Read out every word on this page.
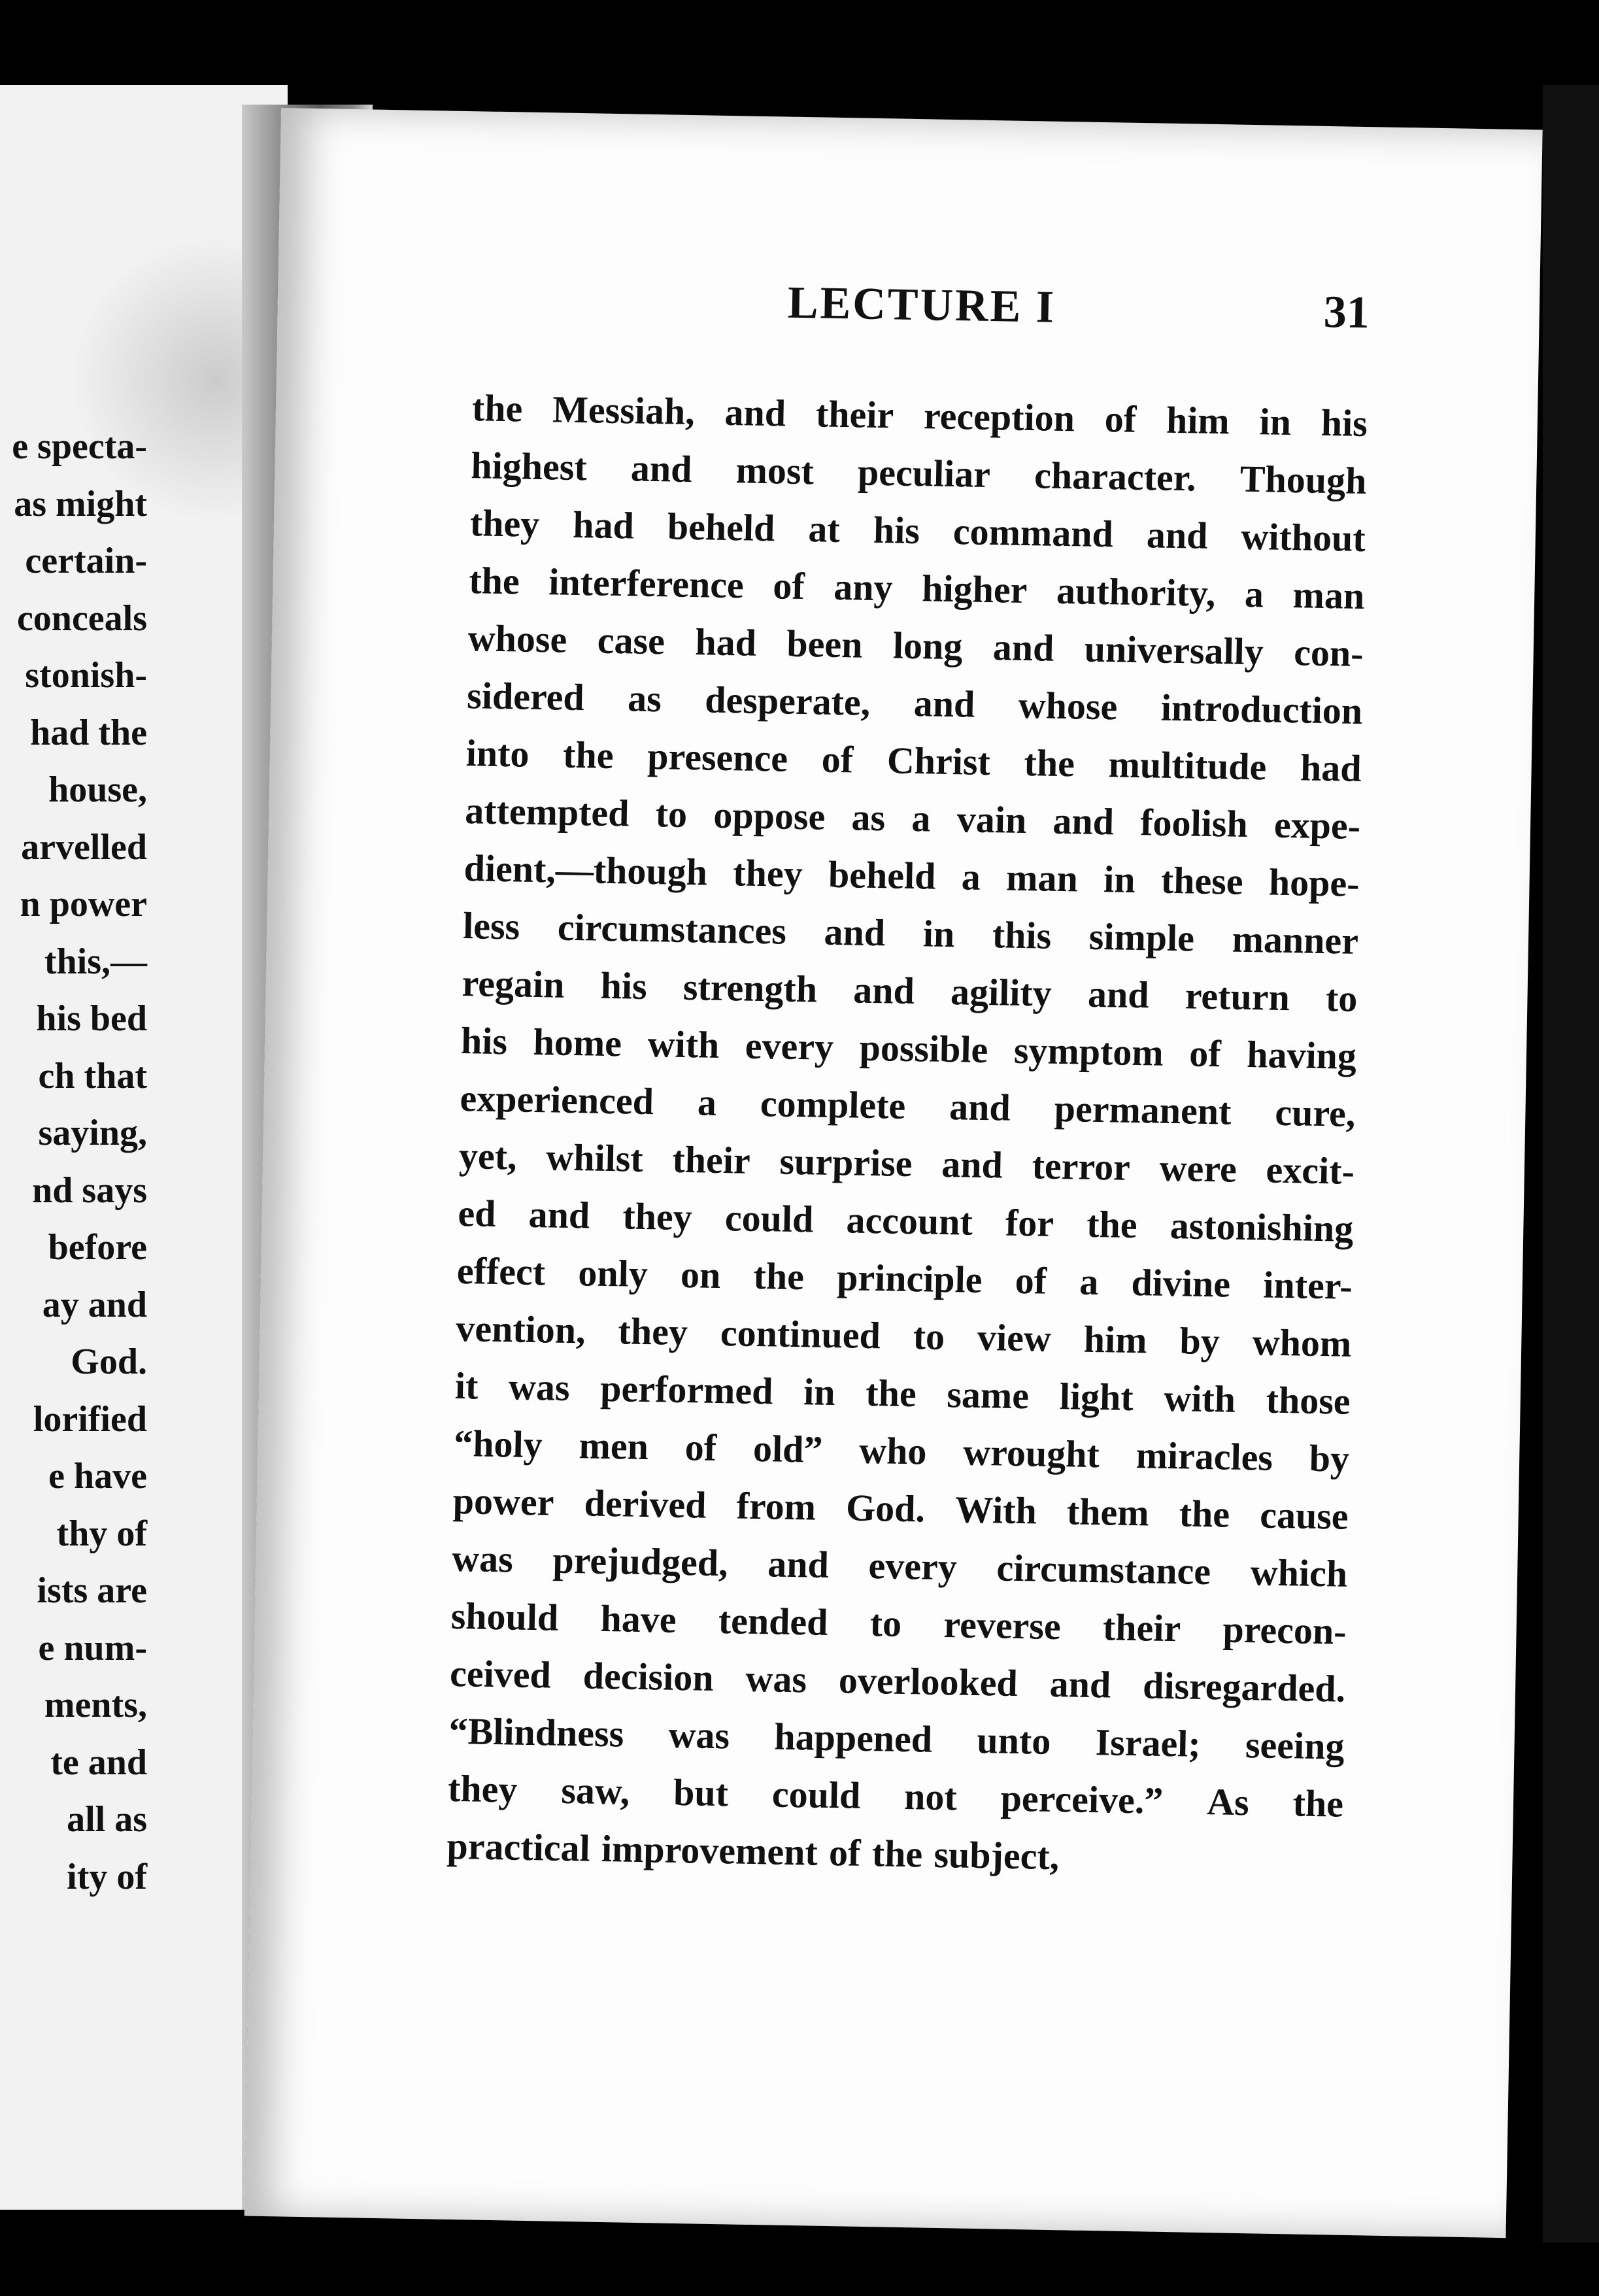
e specta-
as might
certain-
conceals
stonish-
had the
house,
arvelled
n power
this,—
his bed
ch that
saying,
nd says
before
ay and
God.
lorified
e have
thy of
ists are
e num-
ments,
te and
all as
ity of
LECTURE I	31
the Messiah, and their reception of him in his
highest and most peculiar character. Though
they had beheld at his command and without
the interference of any higher authority, a man
whose case had been long and universally con-
sidered as desperate, and whose introduction
into the presence of Christ the multitude had
attempted to oppose as a vain and foolish expe-
dient,—though they beheld a man in these hope-
less circumstances and in this simple manner
regain his strength and agility and return to
his home with every possible symptom of having
experienced a complete and permanent cure,
yet, whilst their surprise and terror were excit-
ed and they could account for the astonishing
effect only on the principle of a divine inter-
vention, they continued to view him by whom
it was performed in the same light with those
“holy men of old” who wrought miracles by
power derived from God. With them the cause
was prejudged, and every circumstance which
should have tended to reverse their precon-
ceived decision was overlooked and disregarded.
“Blindness was happened unto Israel; seeing
they saw, but could not perceive.” As the
practical improvement of the subject,
